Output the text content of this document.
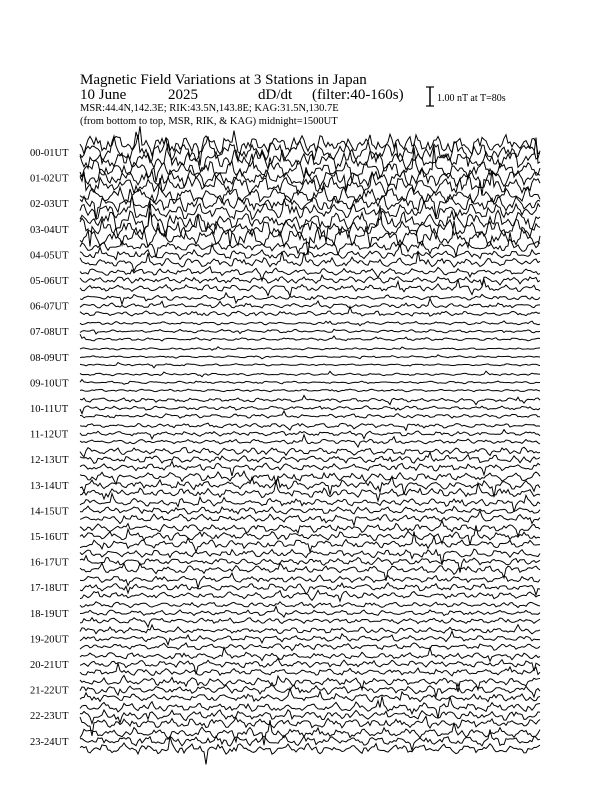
Magnetic Field Variations at 3 Stations in Japan
10 June	2025	dD/dt (filter:40-160s)
MSR:44.4N,142.3E; RIK:43.5N,143.8E; KAG:31.5N,130.7E
(from bottom to top, MSR, RIK, & KAG) midnight=1500UT
1.00 nT at T=80s
00-01UT
01-02UT
02-03UT
03-04UT
04-05UT
05-06UT
06-07UT
07-08UT
08-09UT
09-10UT
10-11UT
11-12UT
12-13UT
13-14UT
14-15UT
15-16UT
16-17UT
17-18UT
18-19UT
19-20UT
20-21UT
21-22UT
22-23UT
23-24UT
